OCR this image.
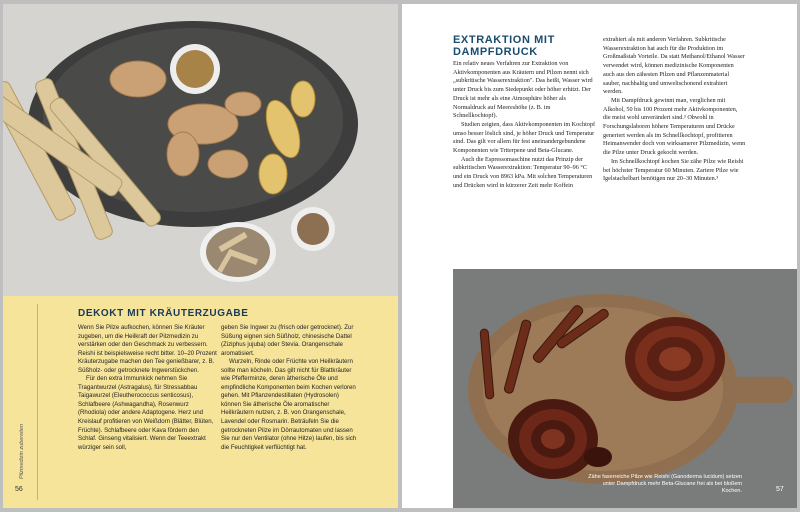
DEKOKT MIT KRÄUTERZUGABE

Wenn Sie Pilze aufkochen, können Sie Kräuter zugeben, um die Heilkraft der Pilzmedizin zu verstärken oder den Geschmack zu verbessern. Reishi ist beispielsweise recht bitter. 10–20 Prozent Kräuterzugabe machen den Tee genießbarer, z. B. Süßholz- oder getrocknete Ingwerstückchen.

Für den extra Immunkick nehmen Sie Tragantwurzel (Astragalus), für Stressabbau Taigawurzel (Eleutherococcus senticosus), Schlafbeere (Ashwagandha), Rosenwurz (Rhodiola) oder andere Adaptogene. Herz und Kreislauf profitieren von Weißdorn (Blätter, Blüten, Früchte). Schlafbeere oder Kava fördern den Schlaf. Ginseng vitalisiert. Wenn der Teeextrakt würziger sein soll,

geben Sie Ingwer zu (frisch oder getrocknet). Zur Süßung eignen sich Süßholz, chinesische Dattel (Ziziphus jujuba) oder Stevia. Orangenschale aromatisiert.

Wurzeln, Rinde oder Früchte von Heilkräutern sollte man köcheln. Das gilt nicht für Blattkräuter wie Pfefferminze, deren ätherische Öle und empfindliche Komponenten beim Kochen verloren gehen. Mit Pflanzendestillaten (Hydrosolen) können Sie ätherische Öle aromatischer Heilkräutern nutzen, z. B. von Orangenschale, Lavendel oder Rosmarin. Beträufeln Sie die getrockneten Pilze im Dörrautomaten und lassen Sie nur den Ventilator (ohne Hitze) laufen, bis sich die Feuchtigkeit verflüchtigt hat.

Pilzmedizin zubereiten
56
EXTRAKTION MIT DAMPFDRUCK

Ein relativ neues Verfahren zur Extraktion von Aktivkomponenten aus Kräutern und Pilzen nennt sich „subkritische Wasserextraktion". Das heißt, Wasser wird unter Druck bis zum Siedepunkt oder höher erhitzt. Der Druck ist mehr als eine Atmosphäre höher als Normaldruck auf Meereshöhe (z. B. im Schnellkochtopf).

Studien zeigten, dass Aktivkomponenten im Kochtopf umso besser löslich sind, je höher Druck und Temperatur sind. Das gilt vor allem für fest aneinandergebundene Komponenten wie Triterpene und Beta-Glucane.

Auch die Espressomaschine nutzt das Prinzip der subkritischen Wasserextraktion: Temperatur 90–96 °C und ein Druck von 8963 kPa. Mit solchen Temperaturen und Drücken wird in kürzerer Zeit mehr Koffein

extrahiert als mit anderen Verfahren. Subkritische Wasserextraktion hat auch für die Produktion im Großmaßstab Vorteile. Da statt Methanol/Ethanol Wasser verwendet wird, können medizinische Komponenten auch aus den zähesten Pilzen und Pflanzenmaterial sauber, nachhaltig und umweltschonend extrahiert werden.

Mit Dampfdruck gewinnt man, verglichen mit Alkohol, 50 bis 100 Prozent mehr Aktivkomponenten, die meist wohl unverändert sind.³ Obwohl in Forschungslaboren höhere Temperaturen und Drücke generiert werden als im Schnellkochtopf, profitieren Heimanwender doch von wirksamerer Pilzmedizin, wenn die Pilze unter Druck gekocht werden.

Im Schnellkochtopf kochen Sie zähe Pilze wie Reishi bei höchster Temperatur 60 Minuten. Zartere Pilze wie Igelstachelbart benötigen nur 20–30 Minuten.³

Zähe faserreiche Pilze wie Reishi (Ganoderma lucidum) setzen unter Dampfdruck mehr Beta-Glucane frei als bei bloßem Kochen.	57
